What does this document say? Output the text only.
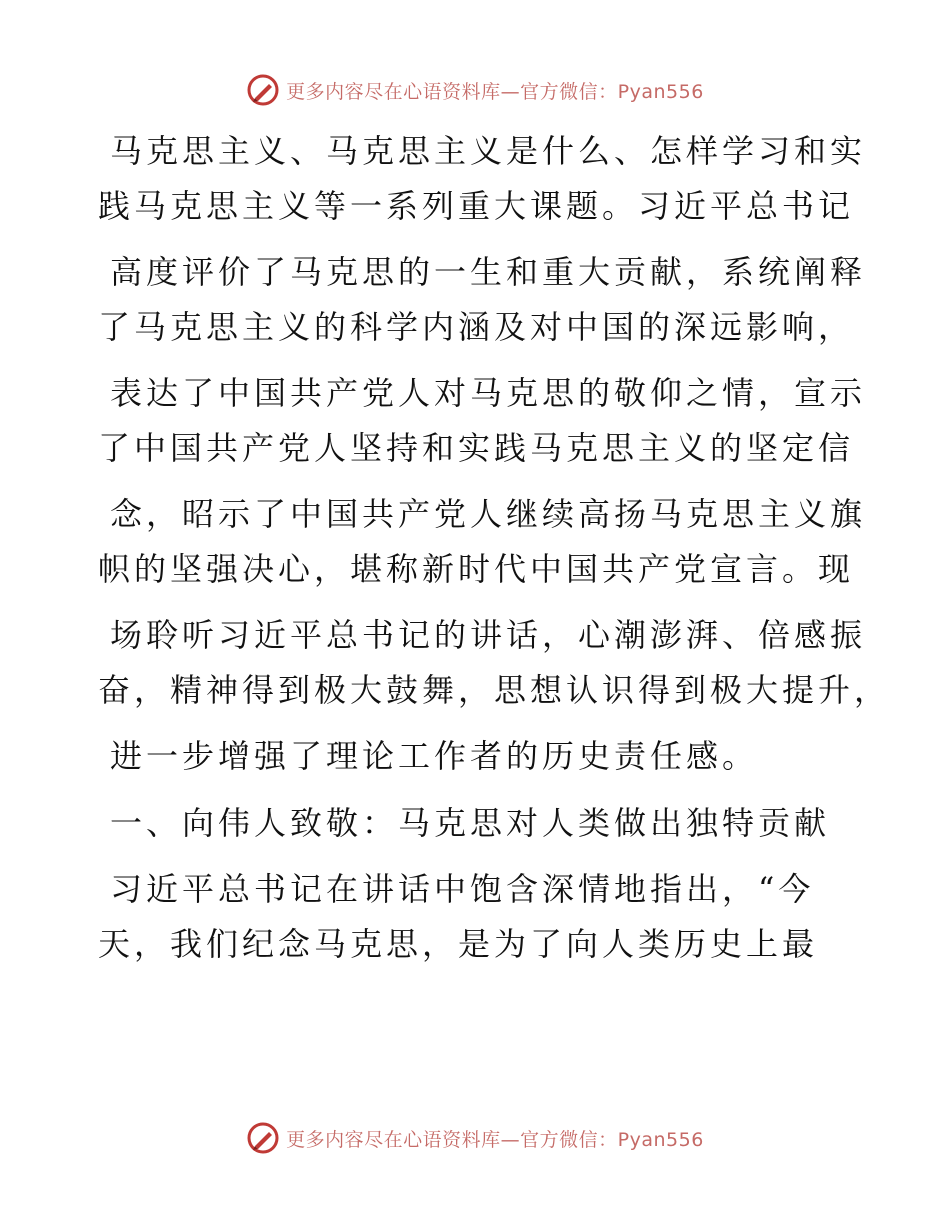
更多内容尽在心语资料库—官方微信：Pyan556
马克思主义、马克思主义是什么、怎样学习和实
践马克思主义等一系列重大课题。习近平总书记
高度评价了马克思的一生和重大贡献，系统阐释
了马克思主义的科学内涵及对中国的深远影响，
表达了中国共产党人对马克思的敬仰之情，宣示
了中国共产党人坚持和实践马克思主义的坚定信
念，昭示了中国共产党人继续高扬马克思主义旗
帜的坚强决心，堪称新时代中国共产党宣言。现
场聆听习近平总书记的讲话，心潮澎湃、倍感振
奋，精神得到极大鼓舞，思想认识得到极大提升，
进一步增强了理论工作者的历史责任感。
一、向伟人致敬：马克思对人类做出独特贡献
习近平总书记在讲话中饱含深情地指出，“今
天，我们纪念马克思，是为了向人类历史上最
更多内容尽在心语资料库—官方微信：Pyan556
